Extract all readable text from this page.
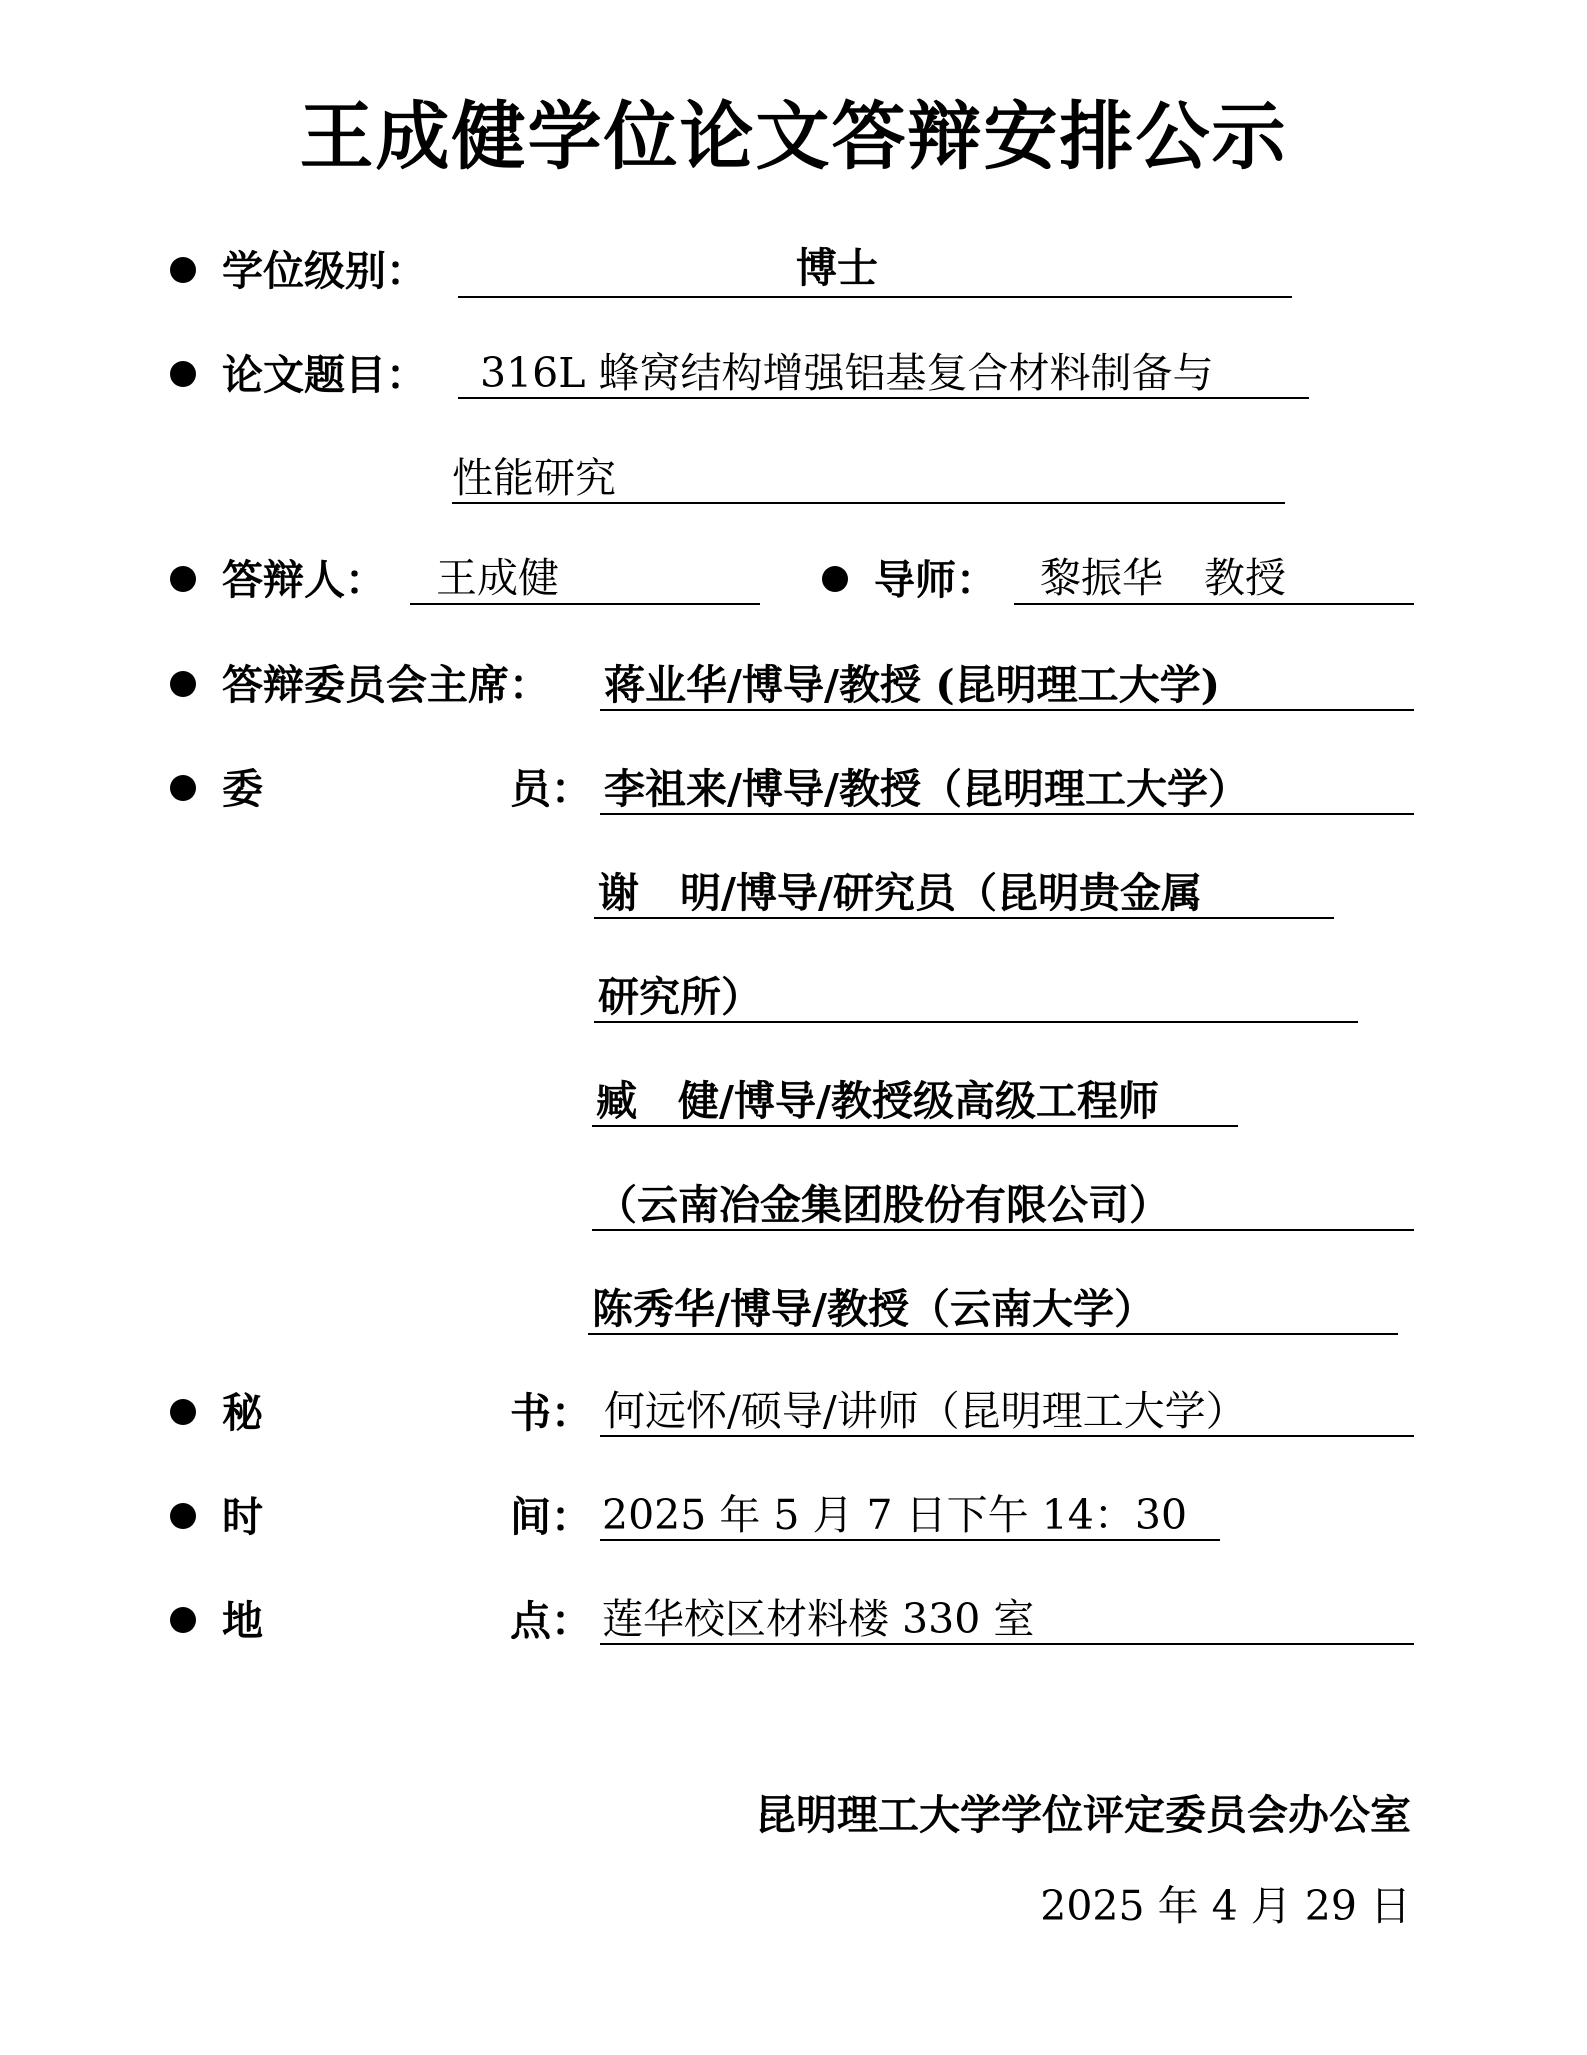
王成健学位论文答辩安排公示
学位级别：	博士
论文题目： 316L 蜂窝结构增强铝基复合材料制备与
性能研究
答辩人： 王成健	导师： 黎振华　教授
答辩委员会主席： 蒋业华/博导/教授 (昆明理工大学)
委	员： 李祖来/博导/教授（昆明理工大学）
谢　明/博导/研究员（昆明贵金属
研究所）
臧　健/博导/教授级高级工程师
（云南冶金集团股份有限公司）
陈秀华/博导/教授（云南大学）
秘	书： 何远怀/硕导/讲师（昆明理工大学）
时	间： 2025 年 5 月 7 日下午 14：30
地	点： 莲华校区材料楼 330 室
昆明理工大学学位评定委员会办公室
2025 年 4 月 29 日
